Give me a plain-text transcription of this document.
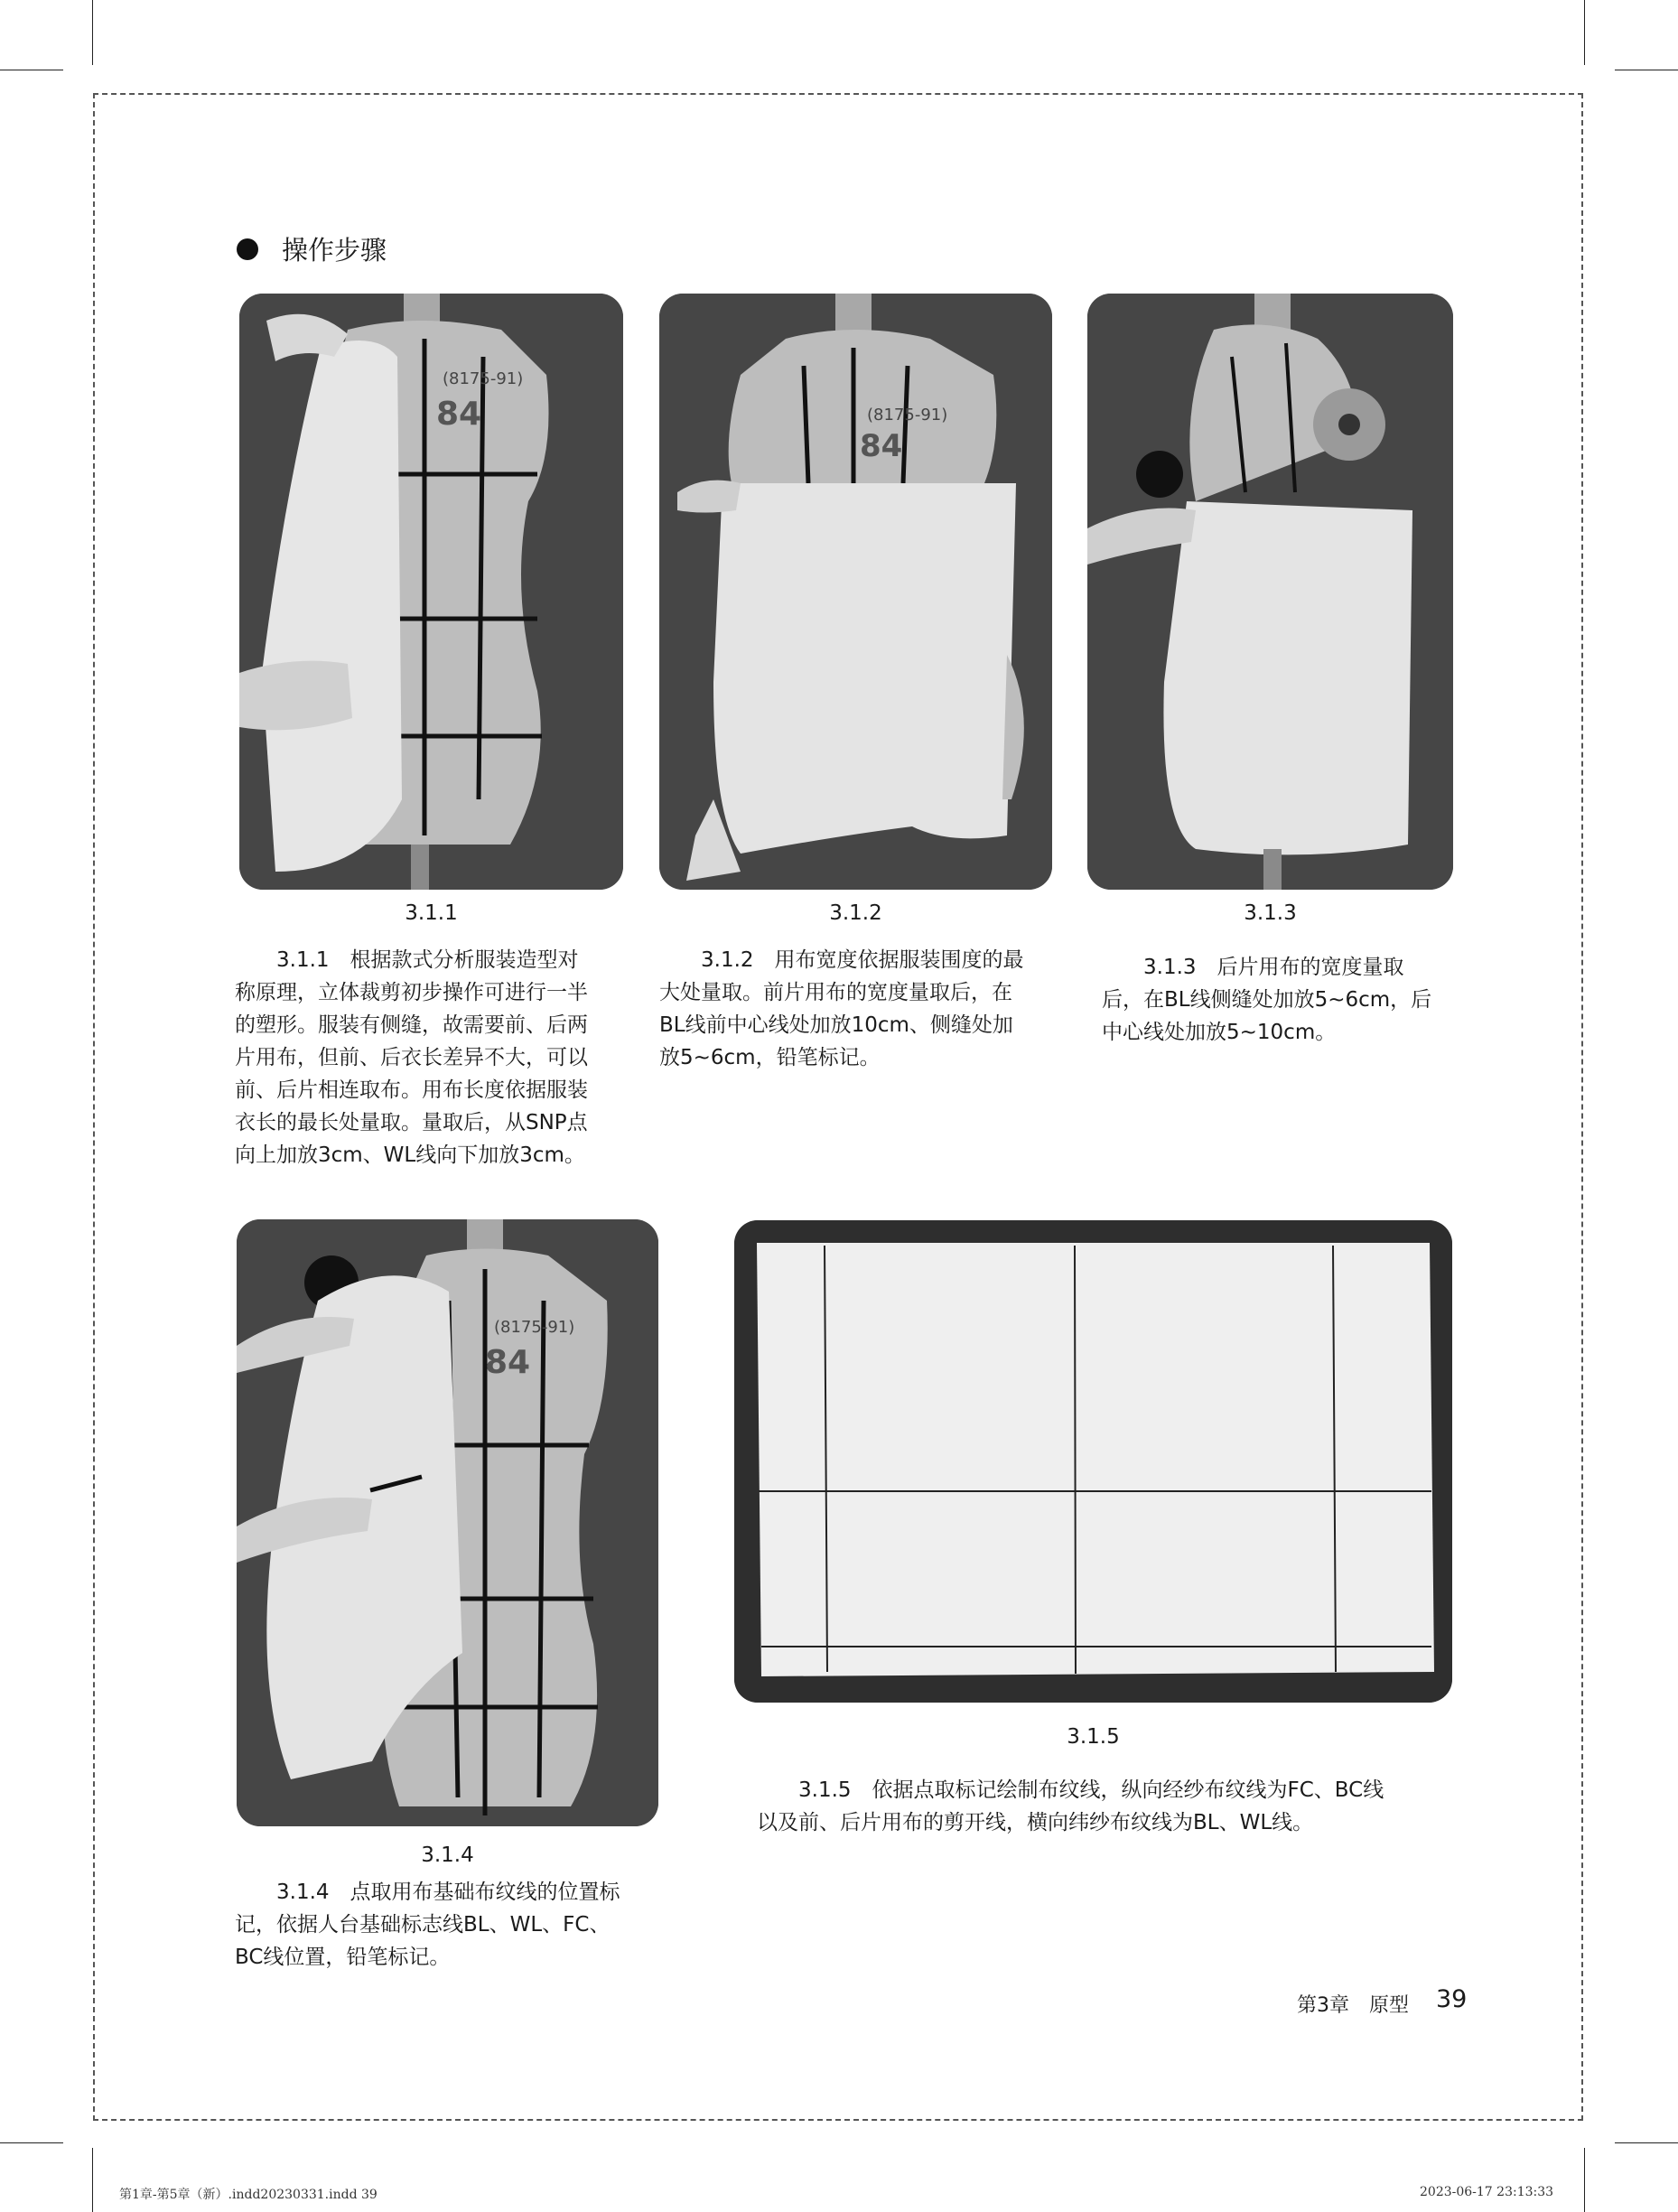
操作步骤
(8175-91)
84
3.1.1
(8175-91)
84
3.1.2	3.1.3
　　3.1.1　根据款式分析服装造型对
称原理，立体裁剪初步操作可进行一半
的塑形。服装有侧缝，故需要前、后两
片用布，但前、后衣长差异不大，可以
前、后片相连取布。用布长度依据服装
衣长的最长处量取。量取后，从SNP点
向上加放3cm、WL线向下加放3cm。
　　3.1.2　用布宽度依据服装围度的最
大处量取。前片用布的宽度量取后，在
BL线前中心线处加放10cm、侧缝处加
放5~6cm，铅笔标记。
　　3.1.3　后片用布的宽度量取
后，在BL线侧缝处加放5~6cm，后
中心线处加放5~10cm。
(8175-91)
84
3.1.4
3.1.5
　　3.1.4　点取用布基础布纹线的位置标
记，依据人台基础标志线BL、WL、FC、
BC线位置，铅笔标记。
　　3.1.5　依据点取标记绘制布纹线，纵向经纱布纹线为FC、BC线
以及前、后片用布的剪开线，横向纬纱布纹线为BL、WL线。
第3章　原型 39
第1章-第5章（新）.indd20230331.indd 39	2023-06-17 23:13:33
